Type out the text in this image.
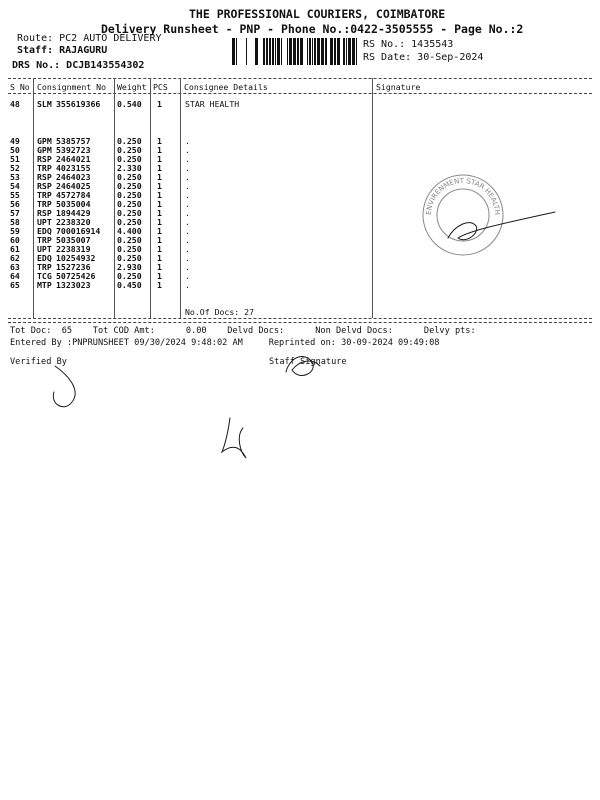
THE PROFESSIONAL COURIERS, COIMBATORE
Delivery Runsheet - PNP - Phone No.:0422-3505555 - Page No.:2
Route: PC2 AUTO DELIVERY
Staff: RAJAGURU
DRS No.: DCJB143554302
RS No.: 1435543
RS Date: 30-Sep-2024
S No Consignment No Weight PCS Consignee Details	Signature
48 SLM 355619366 0.540 1	STAR HEALTH
49 GPM 5385757	0.250 1	.
50 GPM 5392723	0.250 1	.
51 RSP 2464021	0.250 1	.
52 TRP 4023155	2.330 1	.
53 RSP 2464023	0.250 1	.
54 RSP 2464025	0.250 1	.
55 TRP 4572784	0.250 1	.
56 TRP 5035004	0.250 1	.
57 RSP 1894429	0.250 1	.
58 UPT 2238320	0.250 1	.
59 EDQ 700016914 4.400 1	.
60 TRP 5035007	0.250 1	.
61 UPT 2238319	0.250 1	.
62 EDQ 10254932	0.250 1	.
63 TRP 1527236	2.930 1	.
64 TCG 50725426	0.250 1	.
65 MTP 1323023	0.450 1	.
No.Of Docs: 27
Tot Doc:  65    Tot COD Amt:      0.00    Delvd Docs:      Non Delvd Docs:      Delvy pts:
Entered By :PNPRUNSHEET 09/30/2024 9:48:02 AM     Reprinted on: 30-09-2024 09:49:08
Verified By	Staff Signature
ENVIRENMENT STAR HEALTH
